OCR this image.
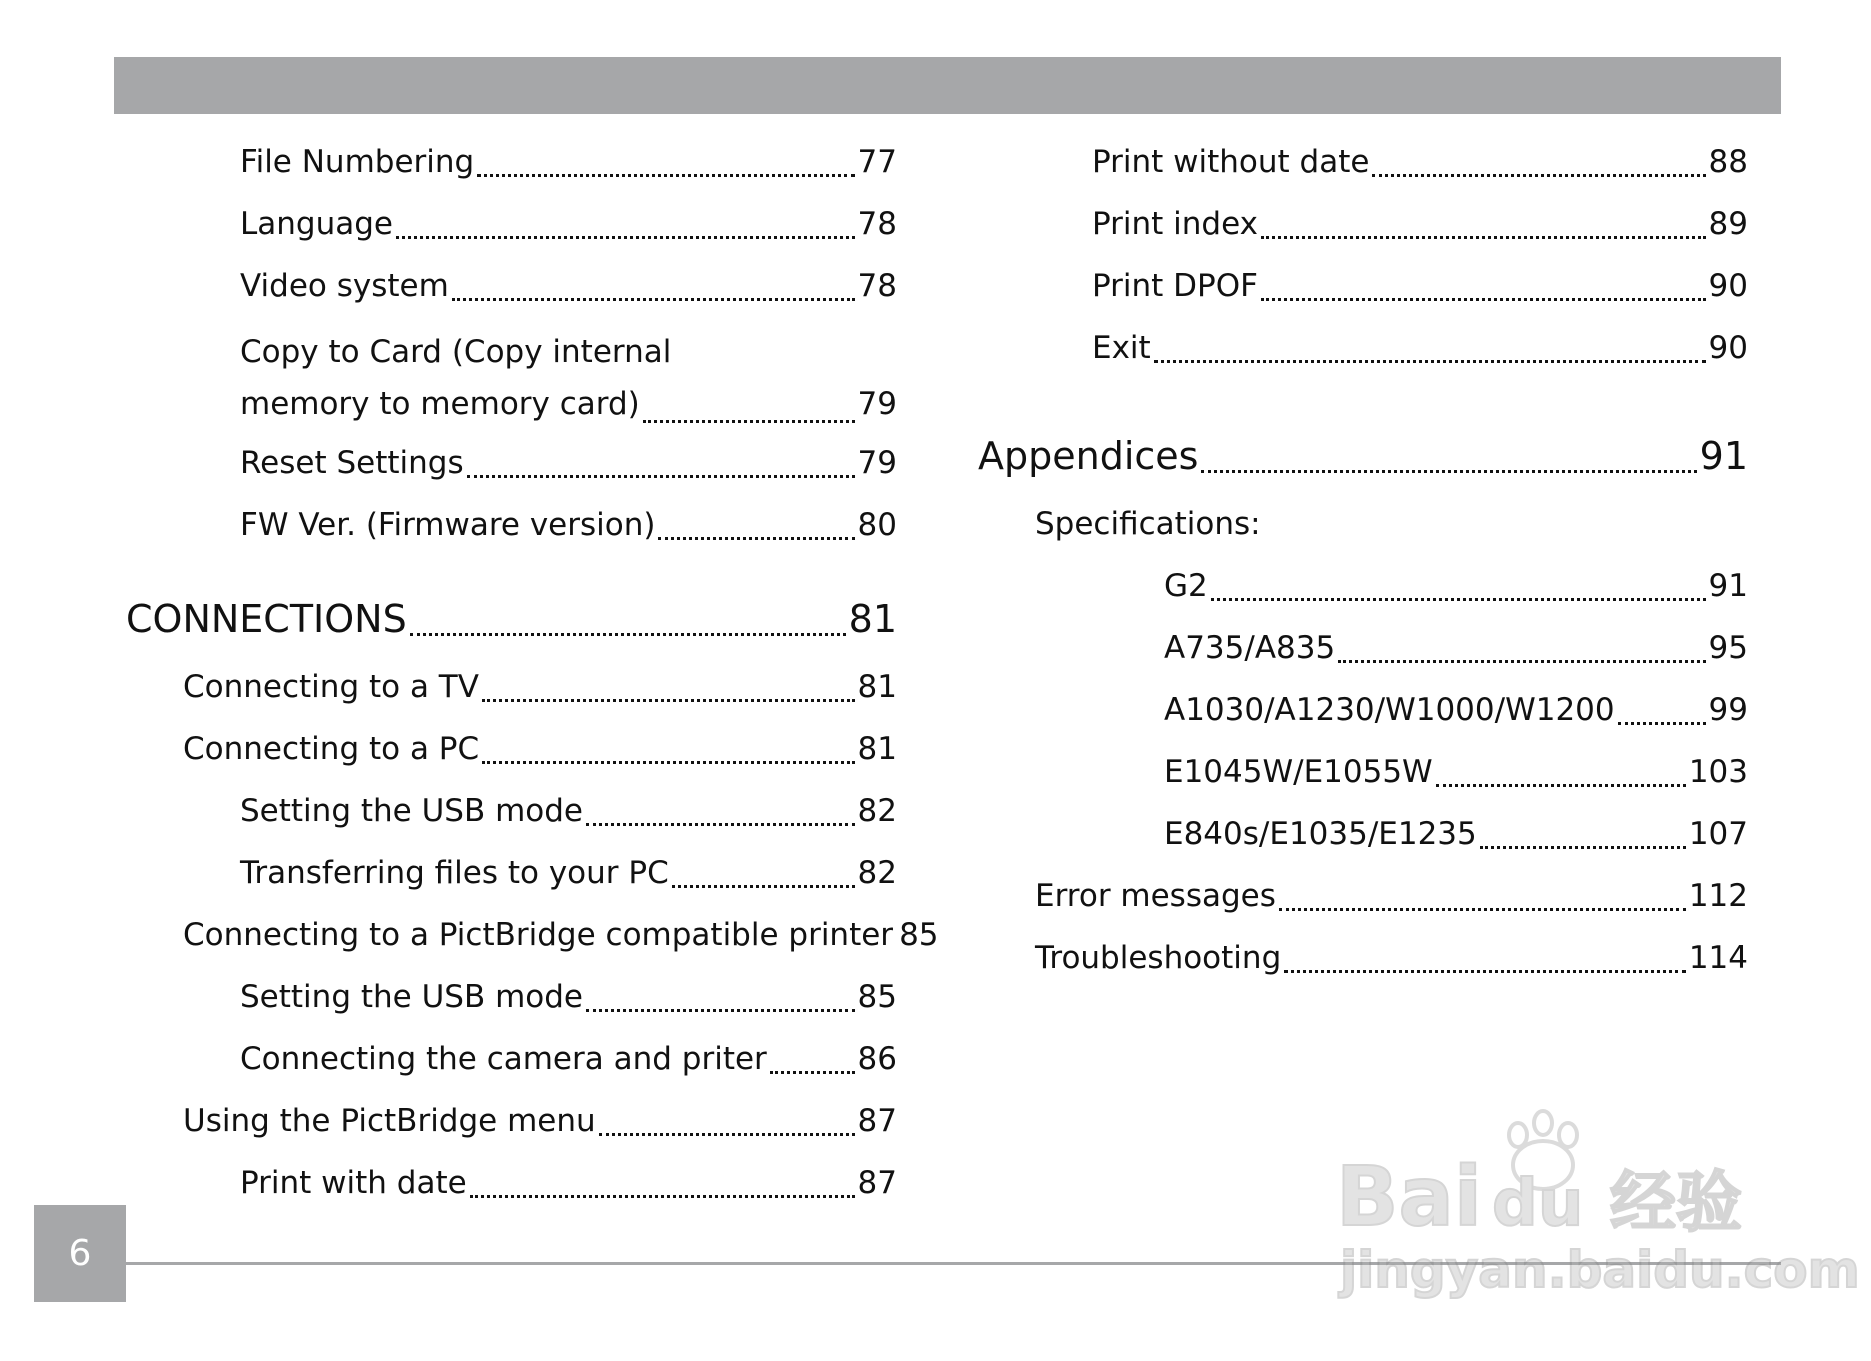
File Numbering	77
Language	78
Video system	78
Copy to Card (Copy internal
memory to memory card)	79
Reset Settings	79
FW Ver. (Firmware version)	80
CONNECTIONS	81
Connecting to a TV	81
Connecting to a PC	81
Setting the USB mode	82
Transferring files to your PC	82
Connecting to a PictBridge compatible printer 85
Setting the USB mode	85
Connecting the camera and priter	86
Using the PictBridge menu	87
Print with date	87
Print without date	88
Print index	89
Print DPOF	90
Exit	90
Appendices	91
Specifications:
G2	91
A735/A835	95
A1030/A1230/W1000/W1200	99
E1045W/E1055W	103
E840s/E1035/E1235	107
Error messages	112
Troubleshooting	114
6
Bai du 经验
jingyan.baidu.com
